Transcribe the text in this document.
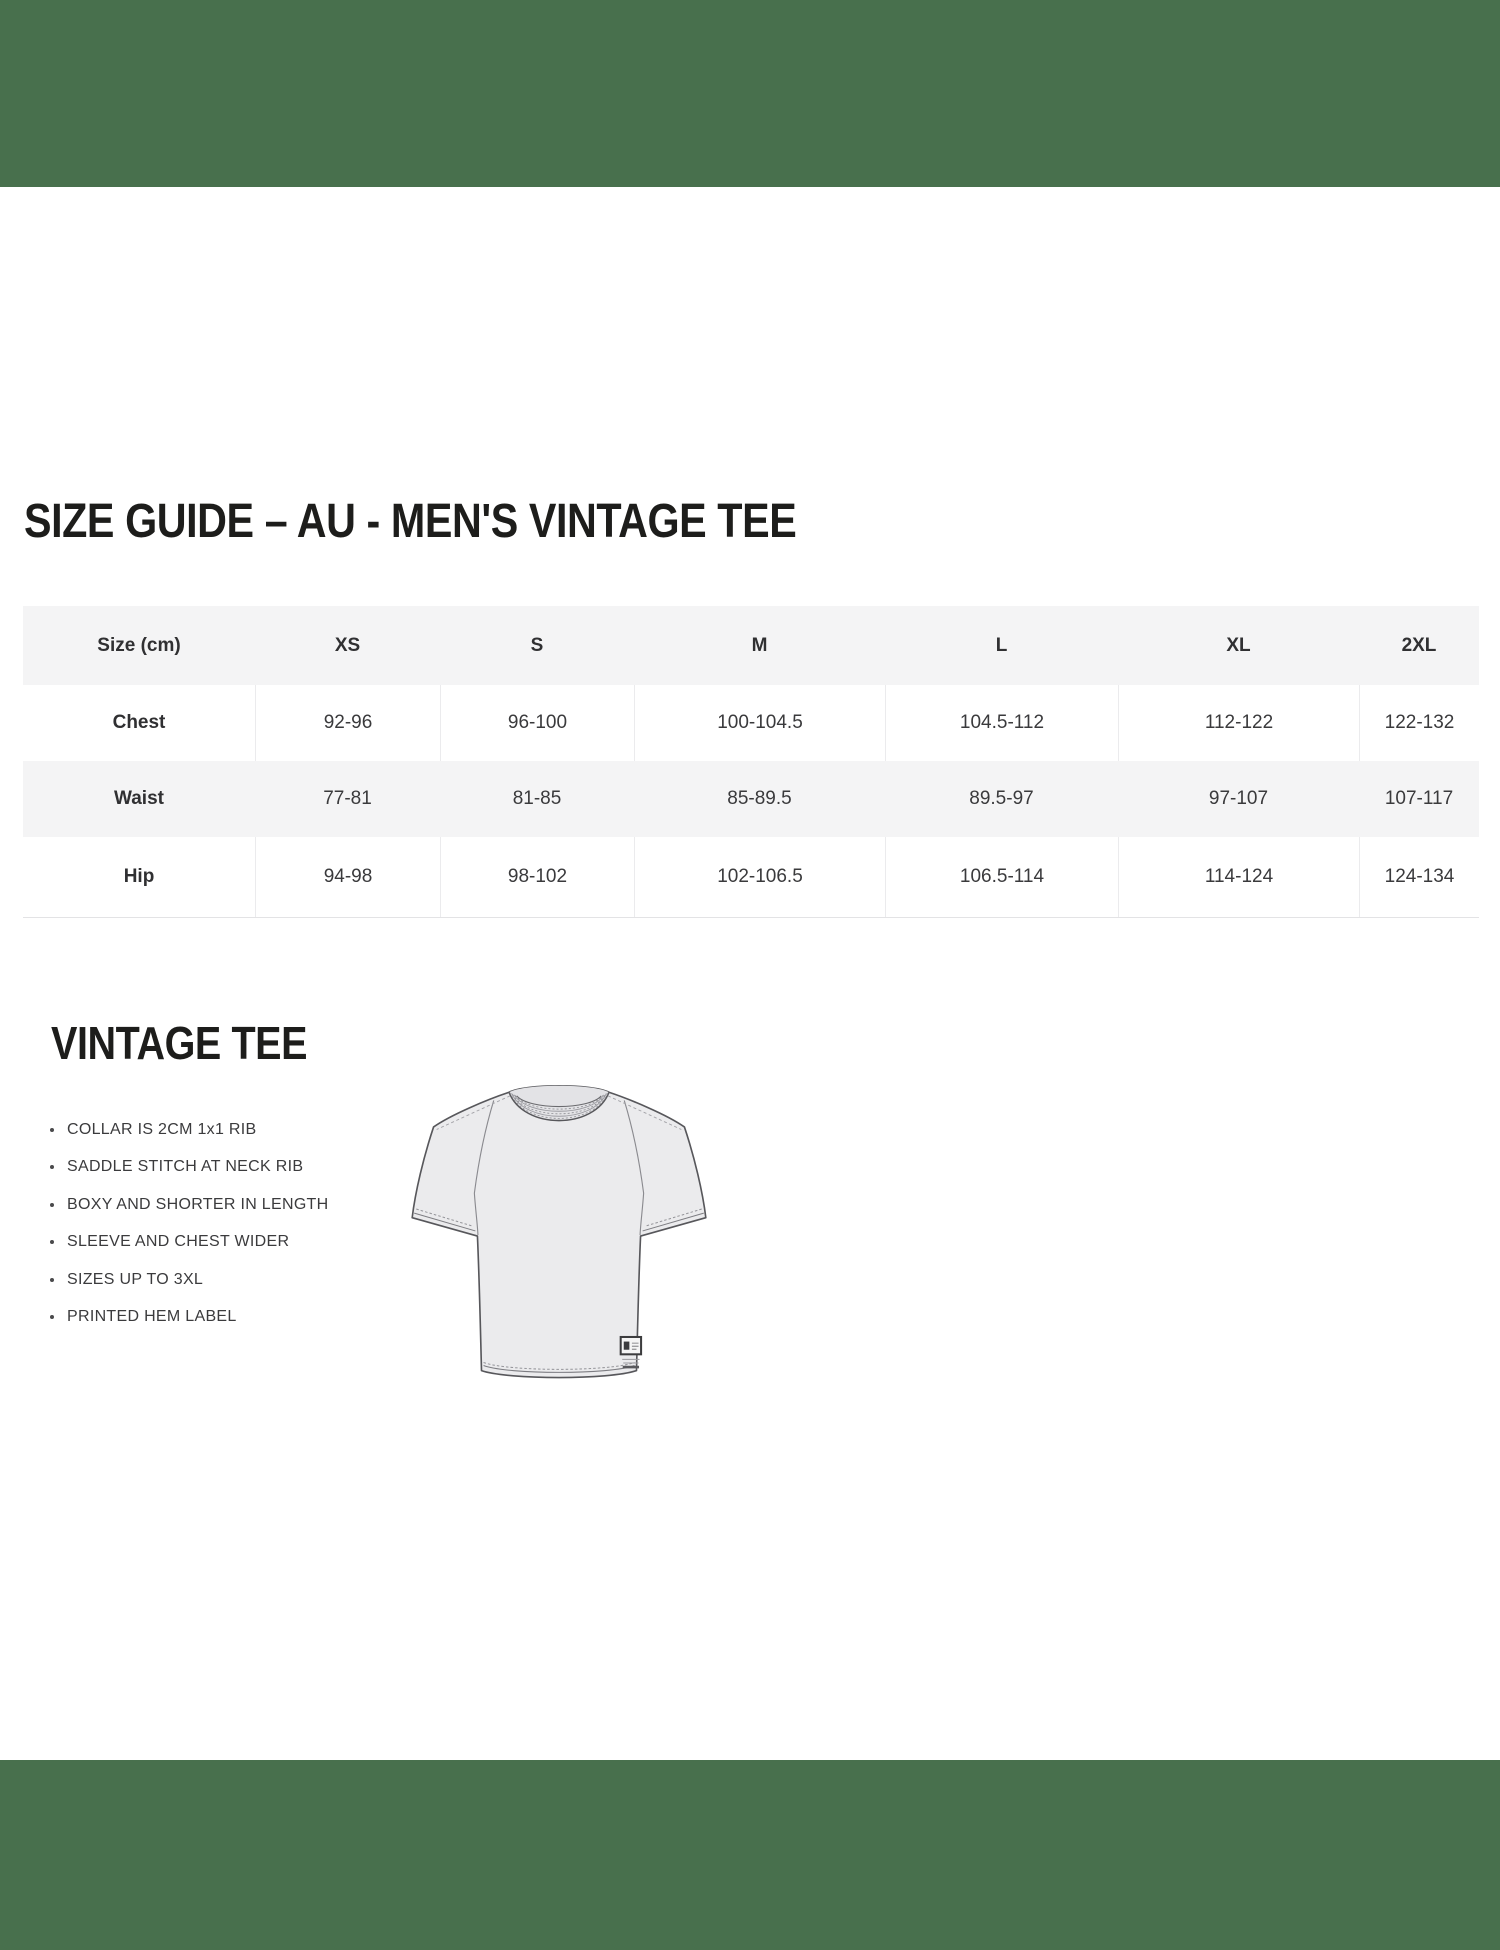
SIZE GUIDE – AU - MEN'S VINTAGE TEE
Size (cm)	XS	S	M	L	XL	2XL
Chest	92-96	96-100	100-104.5	104.5-112	112-122	122-132
Waist	77-81	81-85	85-89.5	89.5-97	97-107	107-117
Hip	94-98	98-102	102-106.5	106.5-114	114-124	124-134
VINTAGE TEE
COLLAR IS 2CM 1x1 RIB
SADDLE STITCH AT NECK RIB
BOXY AND SHORTER IN LENGTH
SLEEVE AND CHEST WIDER
SIZES UP TO 3XL
PRINTED HEM LABEL
